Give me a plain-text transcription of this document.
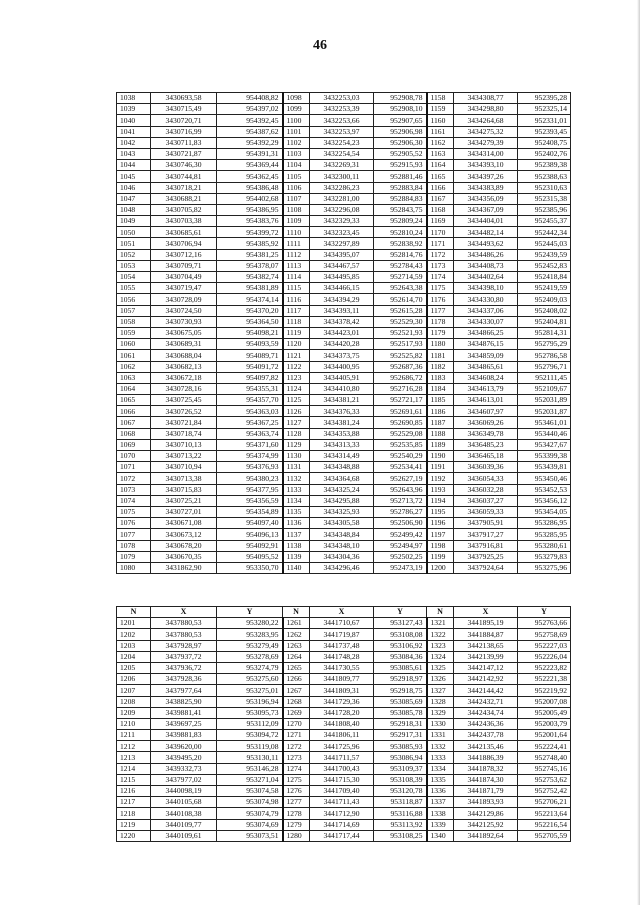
46
1038	3430693,58	954408,82	1098	3432253,03	952908,78	1158	3434308,77	952395,28
1039	3430715,49	954397,02	1099	3432253,39	952908,10	1159	3434298,80	952325,14
1040	3430720,71	954392,45	1100	3432253,66	952907,65	1160	3434264,68	952331,01
1041	3430716,99	954387,62	1101	3432253,97	952906,98	1161	3434275,32	952393,45
1042	3430711,83	954392,29	1102	3432254,23	952906,30	1162	3434279,39	952408,75
1043	3430721,87	954391,31	1103	3432254,54	952905,52	1163	3434314,00	952402,76
1044	3430746,30	954369,44	1104	3432269,31	952915,93	1164	3434393,10	952389,38
1045	3430744,81	954362,45	1105	3432300,11	952881,46	1165	3434397,26	952388,63
1046	3430718,21	954386,48	1106	3432286,23	952883,84	1166	3434383,89	952310,63
1047	3430688,21	954402,68	1107	3432281,00	952884,83	1167	3434356,09	952315,38
1048	3430705,82	954386,95	1108	3432296,08	952843,75	1168	3434367,09	952385,96
1049	3430703,38	954383,76	1109	3432329,33	952809,24	1169	3434404,01	952455,37
1050	3430685,61	954399,72	1110	3432323,45	952810,24	1170	3434482,14	952442,34
1051	3430706,94	954385,92	1111	3432297,89	952838,92	1171	3434493,62	952445,03
1052	3430712,16	954381,25	1112	3434395,07	952814,76	1172	3434486,26	952439,59
1053	3430709,71	954378,07	1113	3434467,57	952784,43	1173	3434408,73	952452,83
1054	3430704,49	954382,74	1114	3434495,85	952714,59	1174	3434402,64	952418,84
1055	3430719,47	954381,89	1115	3434466,15	952643,38	1175	3434398,10	952419,59
1056	3430728,09	954374,14	1116	3434394,29	952614,70	1176	3434330,80	952409,03
1057	3430724,50	954370,20	1117	3434393,11	952615,28	1177	3434337,06	952408,02
1058	3430730,93	954364,50	1118	3434378,42	952529,30	1178	3434330,07	952404,81
1059	3430675,05	954098,21	1119	3434423,01	952521,93	1179	3434866,25	952814,31
1060	3430689,31	954093,59	1120	3434420,28	952517,93	1180	3434876,15	952795,29
1061	3430688,04	954089,71	1121	3434373,75	952525,82	1181	3434859,09	952786,58
1062	3430682,13	954091,72	1122	3434400,95	952687,36	1182	3434865,61	952796,71
1063	3430672,18	954097,82	1123	3434405,91	952686,72	1183	3434608,24	952111,45
1064	3430728,16	954355,31	1124	3434410,80	952716,28	1184	3434613,79	952109,67
1065	3430725,45	954357,70	1125	3434381,21	952721,17	1185	3434613,01	952031,89
1066	3430726,52	954363,03	1126	3434376,33	952691,61	1186	3434607,97	952031,87
1067	3430721,84	954367,25	1127	3434381,24	952690,85	1187	3436069,26	953461,01
1068	3430718,74	954363,74	1128	3434353,88	952529,08	1188	3436349,78	953440,46
1069	3430710,13	954371,60	1129	3434313,33	952535,85	1189	3436485,23	953427,67
1070	3430713,22	954374,99	1130	3434314,49	952540,29	1190	3436465,18	953399,38
1071	3430710,94	954376,93	1131	3434348,88	952534,41	1191	3436039,36	953439,81
1072	3430713,38	954380,23	1132	3434364,68	952627,19	1192	3436054,33	953450,46
1073	3430715,83	954377,95	1133	3434325,24	952643,96	1193	3436032,28	953452,53
1074	3430725,21	954356,59	1134	3434295,88	952713,72	1194	3436037,27	953456,12
1075	3430727,01	954354,89	1135	3434325,93	952786,27	1195	3436059,33	953454,05
1076	3430671,08	954097,40	1136	3434305,58	952506,90	1196	3437905,91	953286,95
1077	3430673,12	954096,13	1137	3434348,84	952499,42	1197	3437917,27	953285,95
1078	3430678,20	954092,91	1138	3434348,10	952494,97	1198	3437916,81	953280,61
1079	3430670,35	954095,52	1139	3434304,36	952502,25	1199	3437925,25	953279,83
1080	3431862,90	953350,70	1140	3434296,46	952473,19	1200	3437924,64	953275,96
N	X	Y	N	X	Y	N	X	Y
1201	3437880,53	953280,22	1261	3441710,67	953127,43	1321	3441895,19	952763,66
1202	3437880,53	953283,95	1262	3441719,87	953108,08	1322	3441884,87	952758,69
1203	3437928,97	953279,49	1263	3441737,48	953106,92	1323	3442138,65	952227,03
1204	3437937,72	953278,69	1264	3441748,28	953084,36	1324	3442139,99	952226,04
1205	3437936,72	953274,79	1265	3441730,55	953085,61	1325	3442147,12	952223,82
1206	3437928,36	953275,60	1266	3441809,77	952918,97	1326	3442142,92	952221,38
1207	3437977,64	953275,01	1267	3441809,31	952918,75	1327	3442144,42	952219,92
1208	3438825,90	953196,94	1268	3441729,36	953085,69	1328	3442432,71	952007,08
1209	3439881,41	953095,73	1269	3441728,20	953085,78	1329	3442434,74	952005,49
1210	3439697,25	953112,09	1270	3441808,40	952918,31	1330	3442436,36	952003,79
1211	3439881,83	953094,72	1271	3441806,11	952917,31	1331	3442437,78	952001,64
1212	3439620,00	953119,08	1272	3441725,96	953085,93	1332	3442135,46	952224,41
1213	3439495,20	953130,11	1273	3441711,57	953086,94	1333	3441886,39	952748,40
1214	3439332,73	953146,28	1274	3441700,43	953109,37	1334	3441878,32	952745,16
1215	3437977,02	953271,04	1275	3441715,30	953108,39	1335	3441874,30	952753,62
1216	3440098,19	953074,58	1276	3441709,40	953120,78	1336	3441871,79	952752,42
1217	3440105,68	953074,98	1277	3441711,43	953118,87	1337	3441893,93	952706,21
1218	3440108,38	953074,79	1278	3441712,90	953116,88	1338	3442129,86	952213,64
1219	3440109,77	953074,69	1279	3441714,69	953113,92	1339	3442125,92	952216,54
1220	3440109,61	953073,51	1280	3441717,44	953108,25	1340	3441892,64	952705,59
